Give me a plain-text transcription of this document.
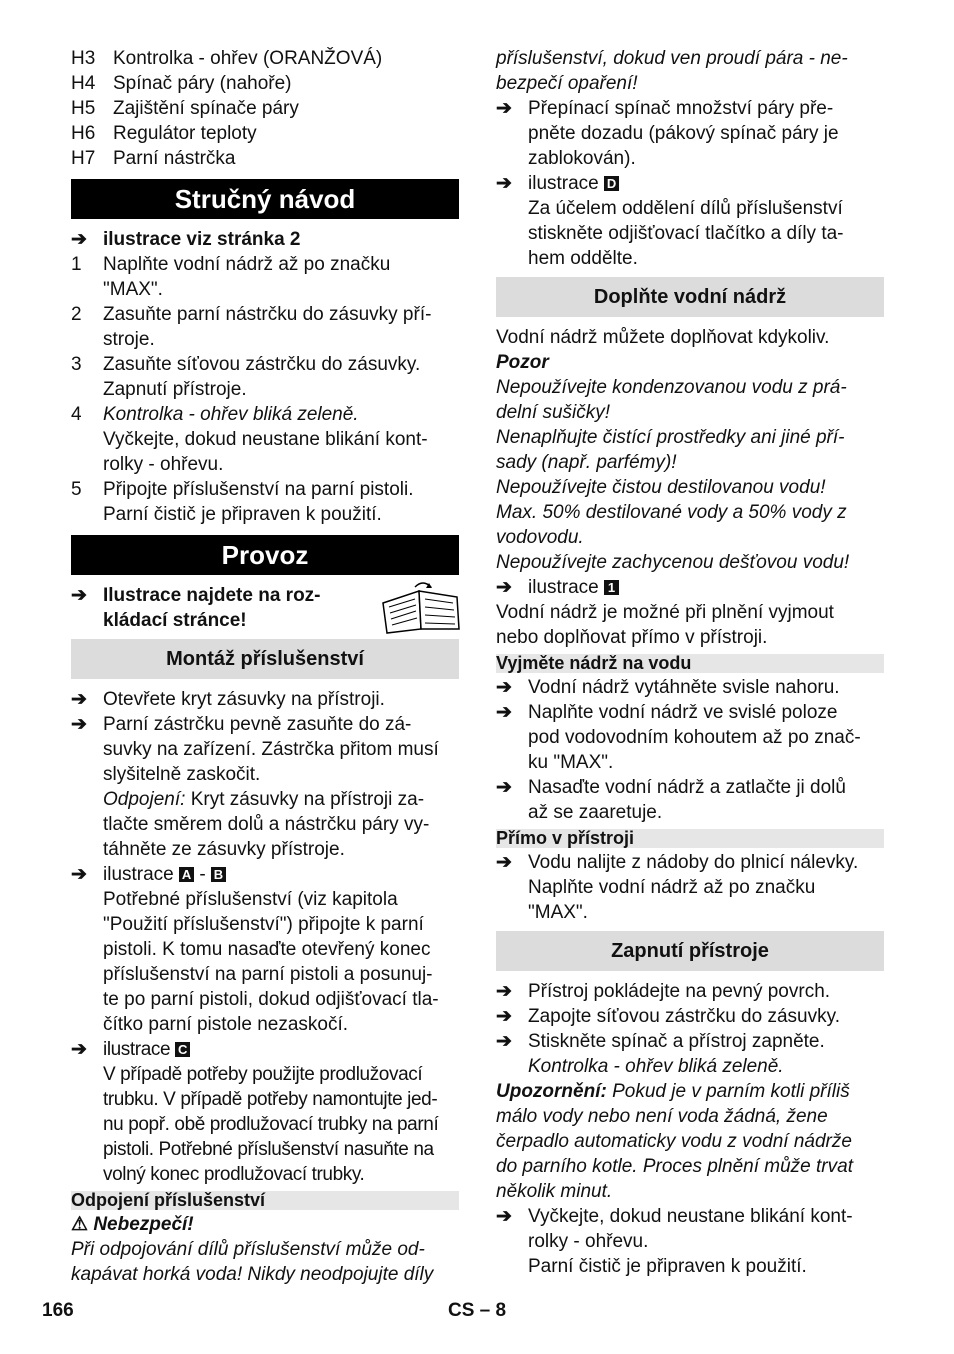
H3 Kontrolka - ohřev (ORANŽOVÁ)
H4 Spínač páry (nahoře)
H5 Zajištění spínače páry
H6 Regulátor teploty
H7 Parní nástrčka
Stručný návod
➔ ilustrace viz stránka 2
1	Naplňte vodní nádrž až po značku
"MAX".
2	Zasuňte parní nástrčku do zásuvky pří-
stroje.
3	Zasuňte síťovou zástrčku do zásuvky.
Zapnutí přístroje.
4	Kontrolka - ohřev bliká zeleně.
Vyčkejte, dokud neustane blikání kont-
rolky - ohřevu.
5	Připojte příslušenství na parní pistoli.
Parní čistič je připraven k použití.
Provoz
➔ Ilustrace najdete na roz-
kládací stránce!
Montáž příslušenství
➔ Otevřete kryt zásuvky na přístroji.
➔ Parní zástrčku pevně zasuňte do zá-
suvky na zařízení. Zástrčka přitom musí
slyšitelně zaskočit.
Odpojení: Kryt zásuvky na přístroji za-
tlačte směrem dolů a nástrčku páry vy-
táhněte ze zásuvky přístroje.
➔ ilustrace A - B
Potřebné příslušenství (viz kapitola
"Použití příslušenství") připojte k parní
pistoli. K tomu nasaďte otevřený konec
příslušenství na parní pistoli a posunuj-
te po parní pistoli, dokud odjišťovací tla-
čítko parní pistole nezaskočí.
➔ ilustrace C
V případě potřeby použijte prodlužovací
trubku. V případě potřeby namontujte jed-
nu popř. obě prodlužovací trubky na parní
pistoli. Potřebné příslušenství nasuňte na
volný konec prodlužovací trubky.
Odpojení příslušenství
⚠ Nebezpečí!
Při odpojování dílů příslušenství může od-
kapávat horká voda! Nikdy neodpojujte díly
příslušenství, dokud ven proudí pára - ne-
bezpečí opaření!
➔ Přepínací spínač množství páry pře-
pněte dozadu (pákový spínač páry je
zablokován).
➔ ilustrace D
Za účelem oddělení dílů příslušenství
stiskněte odjišťovací tlačítko a díly ta-
hem oddělte.
Doplňte vodní nádrž
Vodní nádrž můžete doplňovat kdykoliv.
Pozor
Nepoužívejte kondenzovanou vodu z prá-
delní sušičky!
Nenaplňujte čistící prostředky ani jiné pří-
sady (např. parfémy)!
Nepoužívejte čistou destilovanou vodu!
Max. 50% destilované vody a 50% vody z
vodovodu.
Nepoužívejte zachycenou dešťovou vodu!
➔ ilustrace 1
Vodní nádrž je možné při plnění vyjmout
nebo doplňovat přímo v přístroji.
Vyjměte nádrž na vodu
➔ Vodní nádrž vytáhněte svisle nahoru.
➔ Naplňte vodní nádrž ve svislé poloze
pod vodovodním kohoutem až po znač-
ku "MAX".
➔ Nasaďte vodní nádrž a zatlačte ji dolů
až se zaaretuje.
Přímo v přístroji
➔ Vodu nalijte z nádoby do plnicí nálevky.
Naplňte vodní nádrž až po značku
"MAX".
Zapnutí přístroje
➔ Přístroj pokládejte na pevný povrch.
➔ Zapojte síťovou zástrčku do zásuvky.
➔ Stiskněte spínač a přístroj zapněte.
Kontrolka - ohřev bliká zeleně.
Upozornění: Pokud je v parním kotli příliš
málo vody nebo není voda žádná, žene
čerpadlo automaticky vodu z vodní nádrže
do parního kotle. Proces plnění může trvat
několik minut.
➔ Vyčkejte, dokud neustane blikání kont-
rolky - ohřevu.
Parní čistič je připraven k použití.
166	CS – 8
